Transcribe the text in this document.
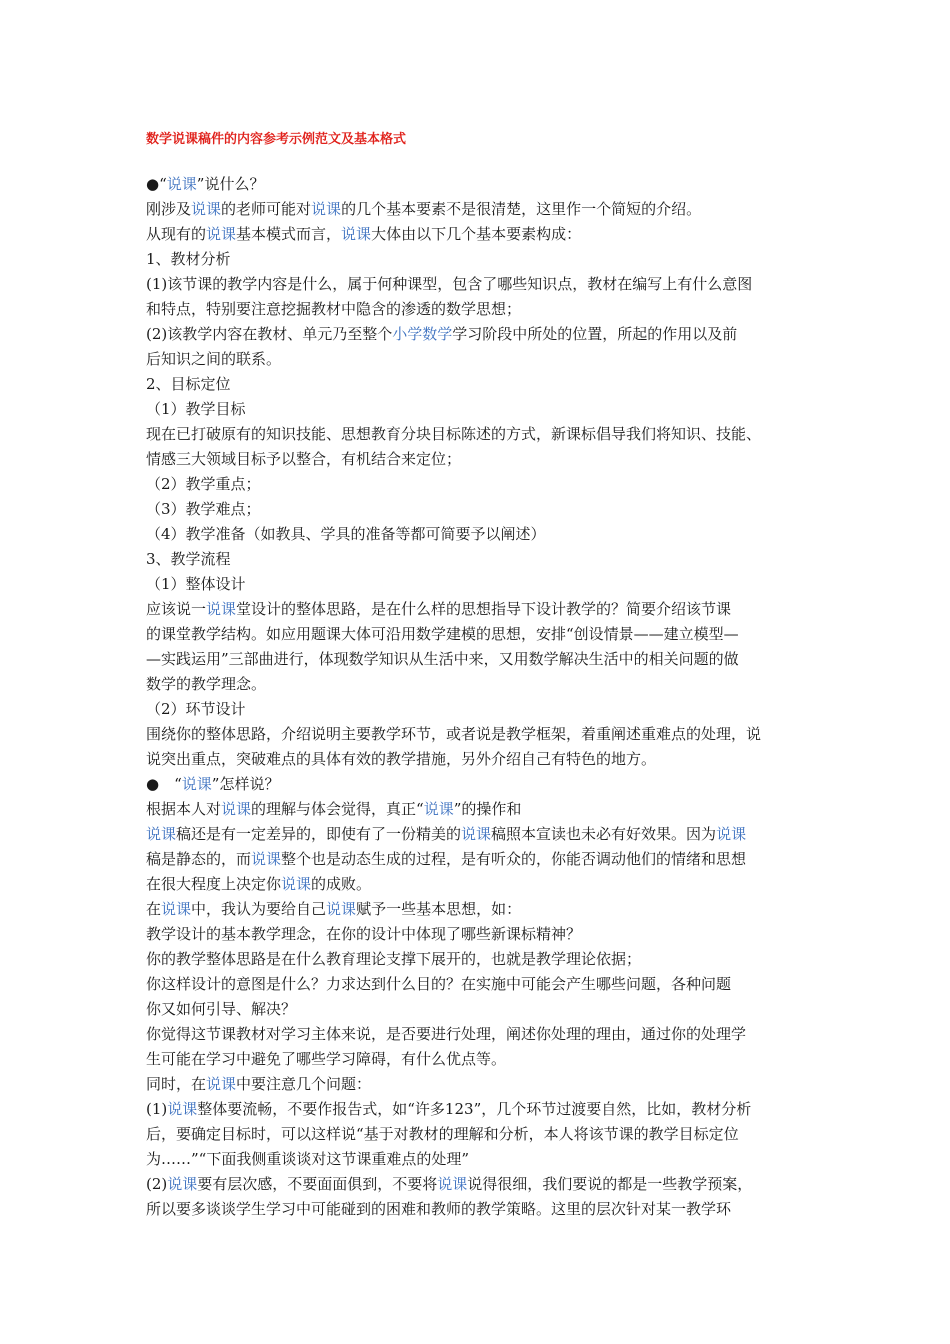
数学说课稿件的内容参考示例范文及基本格式
●“说课”说什么？
刚涉及说课的老师可能对说课的几个基本要素不是很清楚，这里作一个简短的介绍。
从现有的说课基本模式而言，说课大体由以下几个基本要素构成：
1、教材分析
(1)该节课的教学内容是什么，属于何种课型，包含了哪些知识点，教材在编写上有什么意图
和特点，特别要注意挖掘教材中隐含的渗透的数学思想；
(2)该教学内容在教材、单元乃至整个小学数学学习阶段中所处的位置，所起的作用以及前
后知识之间的联系。
2、目标定位
（1）教学目标
现在已打破原有的知识技能、思想教育分块目标陈述的方式，新课标倡导我们将知识、技能、
情感三大领域目标予以整合，有机结合来定位；
（2）教学重点；
（3）教学难点；
（4）教学准备（如教具、学具的准备等都可简要予以阐述）
3、教学流程
（1）整体设计
应该说一说课堂设计的整体思路，是在什么样的思想指导下设计教学的？简要介绍该节课
的课堂教学结构。如应用题课大体可沿用数学建模的思想，安排“创设情景——建立模型—
—实践运用”三部曲进行，体现数学知识从生活中来，又用数学解决生活中的相关问题的做
数学的教学理念。
（2）环节设计
围绕你的整体思路，介绍说明主要教学环节，或者说是教学框架，着重阐述重难点的处理，说
说突出重点，突破难点的具体有效的教学措施，另外介绍自己有特色的地方。
●　“说课”怎样说？
根据本人对说课的理解与体会觉得，真正“说课”的操作和
说课稿还是有一定差异的，即使有了一份精美的说课稿照本宣读也未必有好效果。因为说课
稿是静态的，而说课整个也是动态生成的过程，是有听众的，你能否调动他们的情绪和思想
在很大程度上决定你说课的成败。
在说课中，我认为要给自己说课赋予一些基本思想，如：
教学设计的基本教学理念，在你的设计中体现了哪些新课标精神？
你的教学整体思路是在什么教育理论支撑下展开的，也就是教学理论依据；
你这样设计的意图是什么？力求达到什么目的？在实施中可能会产生哪些问题，各种问题
你又如何引导、解决？
你觉得这节课教材对学习主体来说，是否要进行处理，阐述你处理的理由，通过你的处理学
生可能在学习中避免了哪些学习障碍，有什么优点等。
同时，在说课中要注意几个问题：
(1)说课整体要流畅，不要作报告式，如“许多123”，几个环节过渡要自然，比如，教材分析
后，要确定目标时，可以这样说“基于对教材的理解和分析，本人将该节课的教学目标定位
为……”“下面我侧重谈谈对这节课重难点的处理”
(2)说课要有层次感，不要面面俱到，不要将说课说得很细，我们要说的都是一些教学预案，
所以要多谈谈学生学习中可能碰到的困难和教师的教学策略。这里的层次针对某一教学环
